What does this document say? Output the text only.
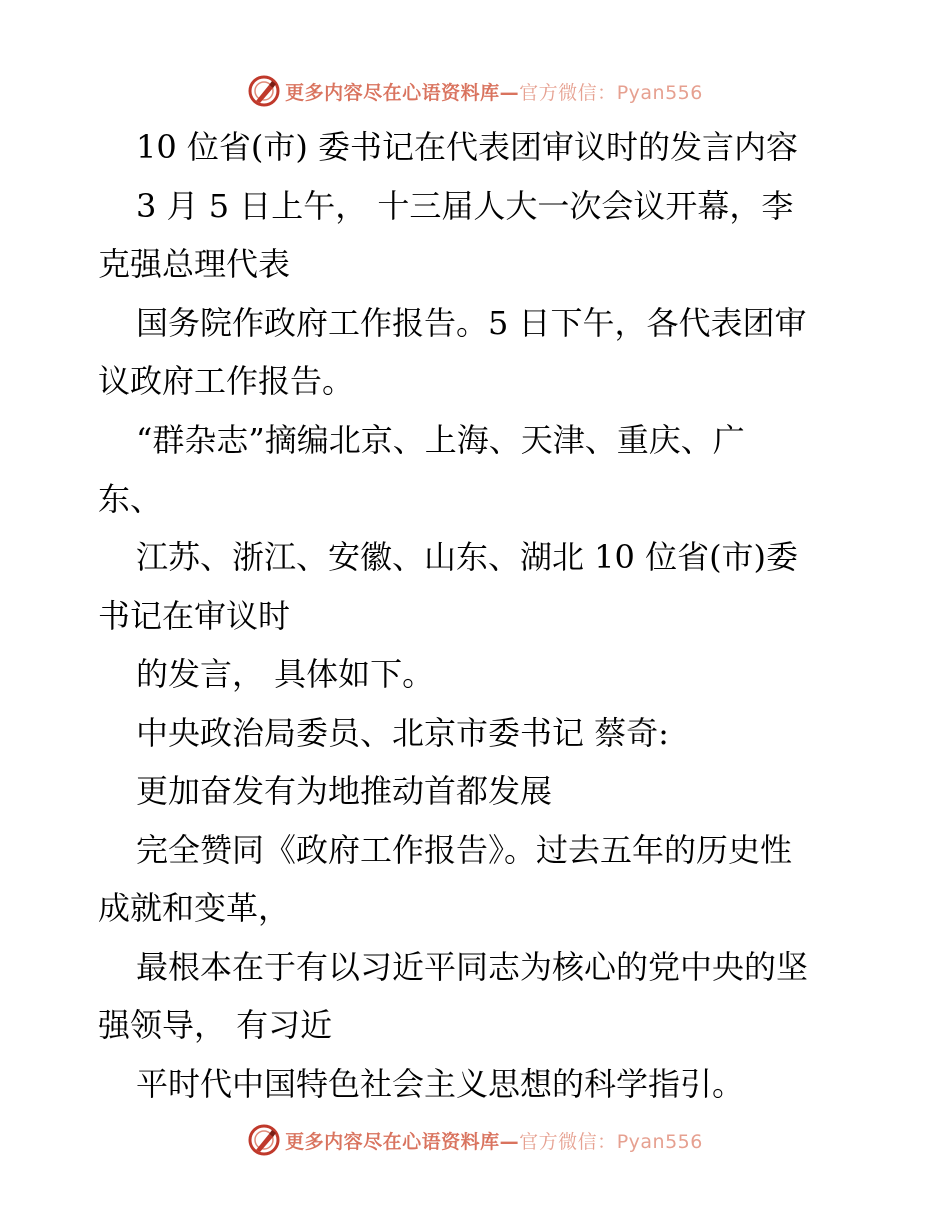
更多内容尽在心语资料库—官方微信：Pyan556
10 位省(市) 委书记在代表团审议时的发言内容
3 月 5 日上午， 十三届人大一次会议开幕，李
克强总理代表
国务院作政府工作报告。5 日下午，各代表团审
议政府工作报告。
“群杂志”摘编北京、上海、天津、重庆、广
东、
江苏、浙江、安徽、山东、湖北 10 位省(市)委
书记在审议时
的发言， 具体如下。
中央政治局委员、北京市委书记 蔡奇:
更加奋发有为地推动首都发展
完全赞同《政府工作报告》。过去五年的历史性
成就和变革，
最根本在于有以习近平同志为核心的党中央的坚
强领导， 有习近
平时代中国特色社会主义思想的科学指引。
更多内容尽在心语资料库—官方微信：Pyan556
